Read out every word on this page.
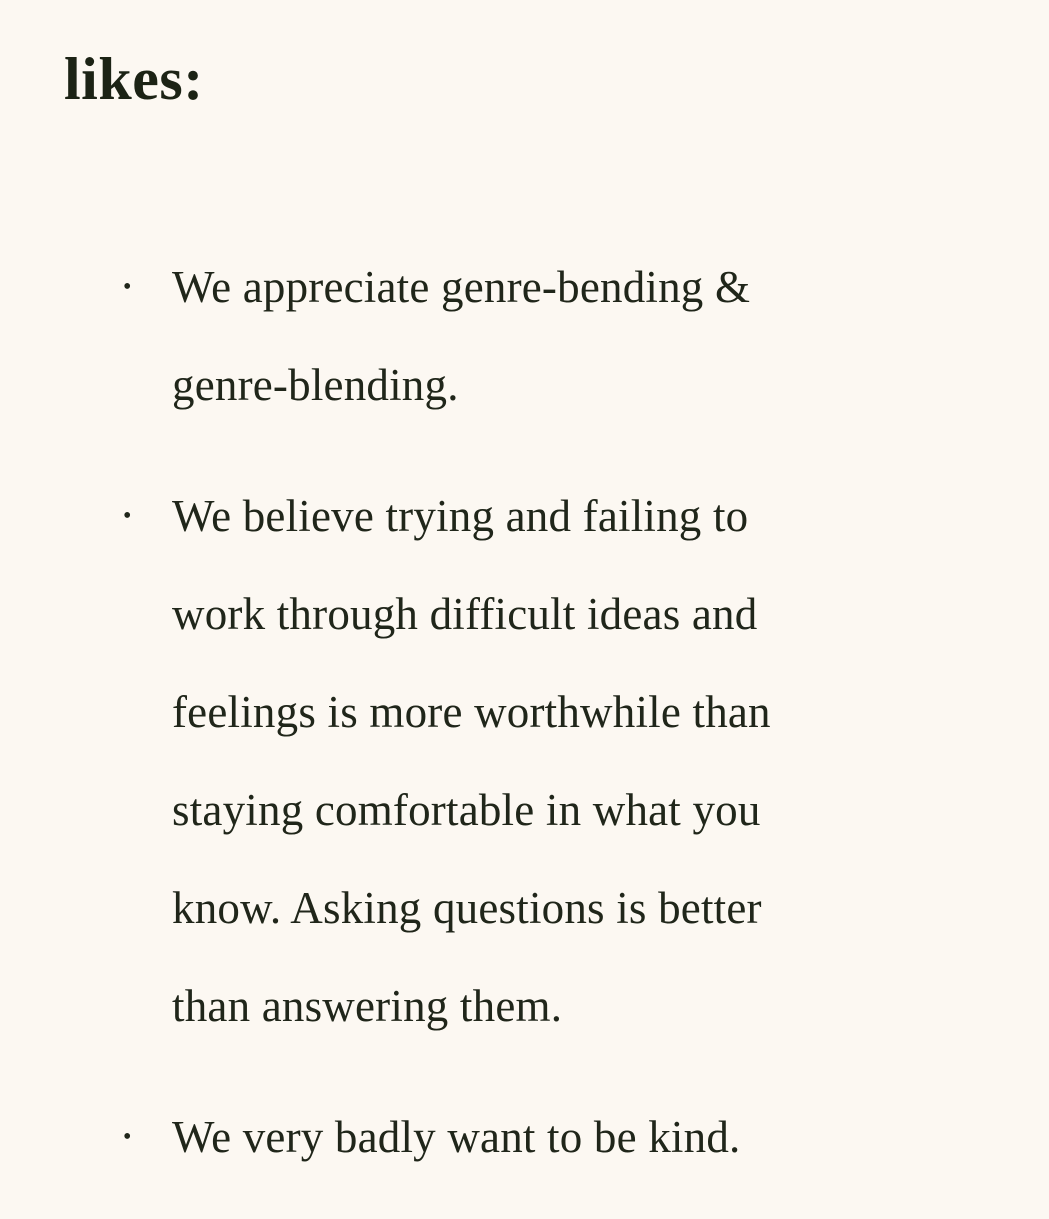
likes:
• We appreciate genre-bending &
genre-blending.
• We believe trying and failing to
work through difficult ideas and
feelings is more worthwhile than
staying comfortable in what you
know. Asking questions is better
than answering them.
• We very badly want to be kind.
